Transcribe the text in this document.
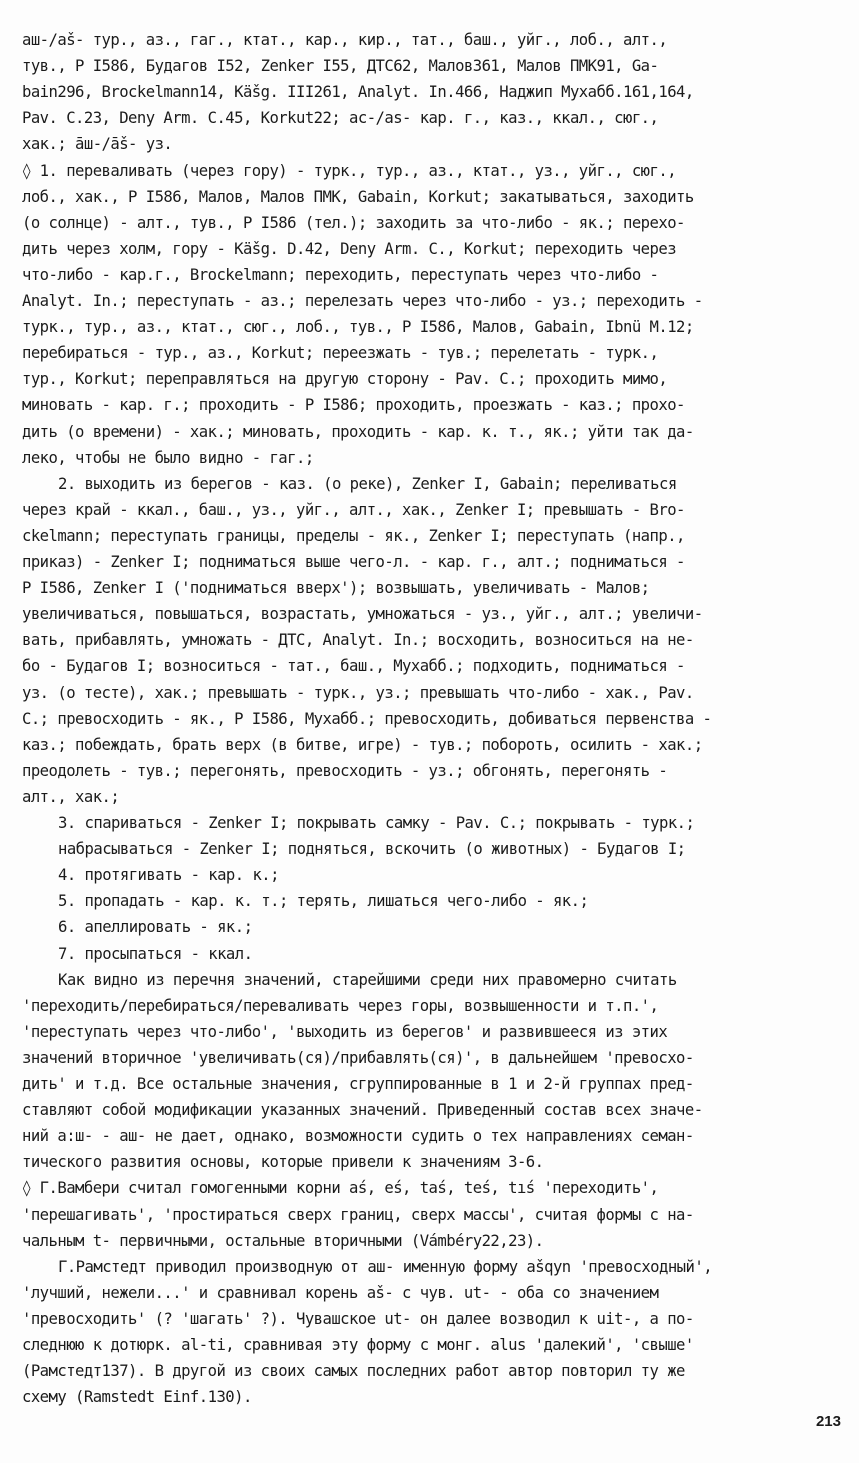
аш-/аš- тур., аз., гаг., ктат., кар., кир., тат., баш., уйг., лоб., алт.,
тув., Р I586, Будагов I52, Zenker I55, ДТС62, Малов361, Малов ПМК91, Ga-
bain296, Brockelmann14, Käšg. III261, Analyt. In.466, Наджип Мухабб.161,164,
Pav. C.23, Deny Arm. C.45, Korkut22; ас-/as- кар. г., каз., ккал., сюг.,
хак.; āш-/āš- уз.
◊ 1. переваливать (через гору) - турк., тур., аз., ктат., уз., уйг., сюг.,
лоб., хак., Р I586, Малов, Малов ПМК, Gabain, Korkut; закатываться, заходить
(о солнце) - алт., тув., Р I586 (тел.); заходить за что-либо - як.; перехо-
дить через холм, гору - Käšg. D.42, Deny Arm. C., Korkut; переходить через
что-либо - кар.г., Brockelmann; переходить, переступать через что-либо -
Analyt. In.; переступать - аз.; перелезать через что-либо - уз.; переходить -
турк., тур., аз., ктат., сюг., лоб., тув., Р I586, Малов, Gabain, Ibnü M.12;
перебираться - тур., аз., Korkut; переезжать - тув.; перелетать - турк.,
тур., Korkut; переправляться на другую сторону - Pav. C.; проходить мимо,
миновать - кар. г.; проходить - Р I586; проходить, проезжать - каз.; прохо-
дить (о времени) - хак.; миновать, проходить - кар. к. т., як.; уйти так да-
леко, чтобы не было видно - гаг.;
2. выходить из берегов - каз. (о реке), Zenker I, Gabain; переливаться
через край - ккал., баш., уз., уйг., алт., хак., Zenker I; превышать - Bro-
ckelmann; переступать границы, пределы - як., Zenker I; переступать (напр.,
приказ) - Zenker I; подниматься выше чего-л. - кар. г., алт.; подниматься -
Р I586, Zenker I ('подниматься вверх'); возвышать, увеличивать - Малов;
увеличиваться, повышаться, возрастать, умножаться - уз., уйг., алт.; увеличи-
вать, прибавлять, умножать - ДТС, Analyt. In.; восходить, возноситься на не-
бо - Будагов I; возноситься - тат., баш., Мухабб.; подходить, подниматься -
уз. (о тесте), хак.; превышать - турк., уз.; превышать что-либо - хак., Pav.
C.; превосходить - як., Р I586, Мухабб.; превосходить, добиваться первенства -
каз.; побеждать, брать верх (в битве, игре) - тув.; побороть, осилить - хак.;
преодолеть - тув.; перегонять, превосходить - уз.; обгонять, перегонять -
алт., хак.;
3. спариваться - Zenker I; покрывать самку - Pav. C.; покрывать - турк.;
набрасываться - Zenker I; подняться, вскочить (о животных) - Будагов I;
4. протягивать - кар. к.;
5. пропадать - кар. к. т.; терять, лишаться чего-либо - як.;
6. апеллировать - як.;
7. просыпаться - ккал.
Как видно из перечня значений, старейшими среди них правомерно считать
'переходить/перебираться/переваливать через горы, возвышенности и т.п.',
'переступать через что-либо', 'выходить из берегов' и развившееся из этих
значений вторичное 'увеличивать(ся)/прибавлять(ся)', в дальнейшем 'превосхо-
дить' и т.д. Все остальные значения, сгруппированные в 1 и 2-й группах пред-
ставляют собой модификации указанных значений. Приведенный состав всех значе-
ний а:ш- - аш- не дает, однако, возможности судить о тех направлениях семан-
тического развития основы, которые привели к значениям 3-6.
◊ Г.Вамбери считал гомогенными корни aś, eś, taś, teś, tıś 'переходить',
'перешагивать', 'простираться сверх границ, сверх массы', считая формы с на-
чальным t- первичными, остальные вторичными (Vámbéry22,23).
Г.Рамстедт приводил производную от аш- именную форму ašqyn 'превосходный',
'лучший, нежели...' и сравнивал корень аš- с чув. ut- - оба со значением
'превосходить' (? 'шагать' ?). Чувашское ut- он далее возводил к uit-, а по-
следнюю к дотюрк. al-ti, сравнивая эту форму с монг. alus 'далекий', 'свыше'
(Рамстедт137). В другой из своих самых последних работ автор повторил ту же
схему (Ramstedt Einf.130).
213
